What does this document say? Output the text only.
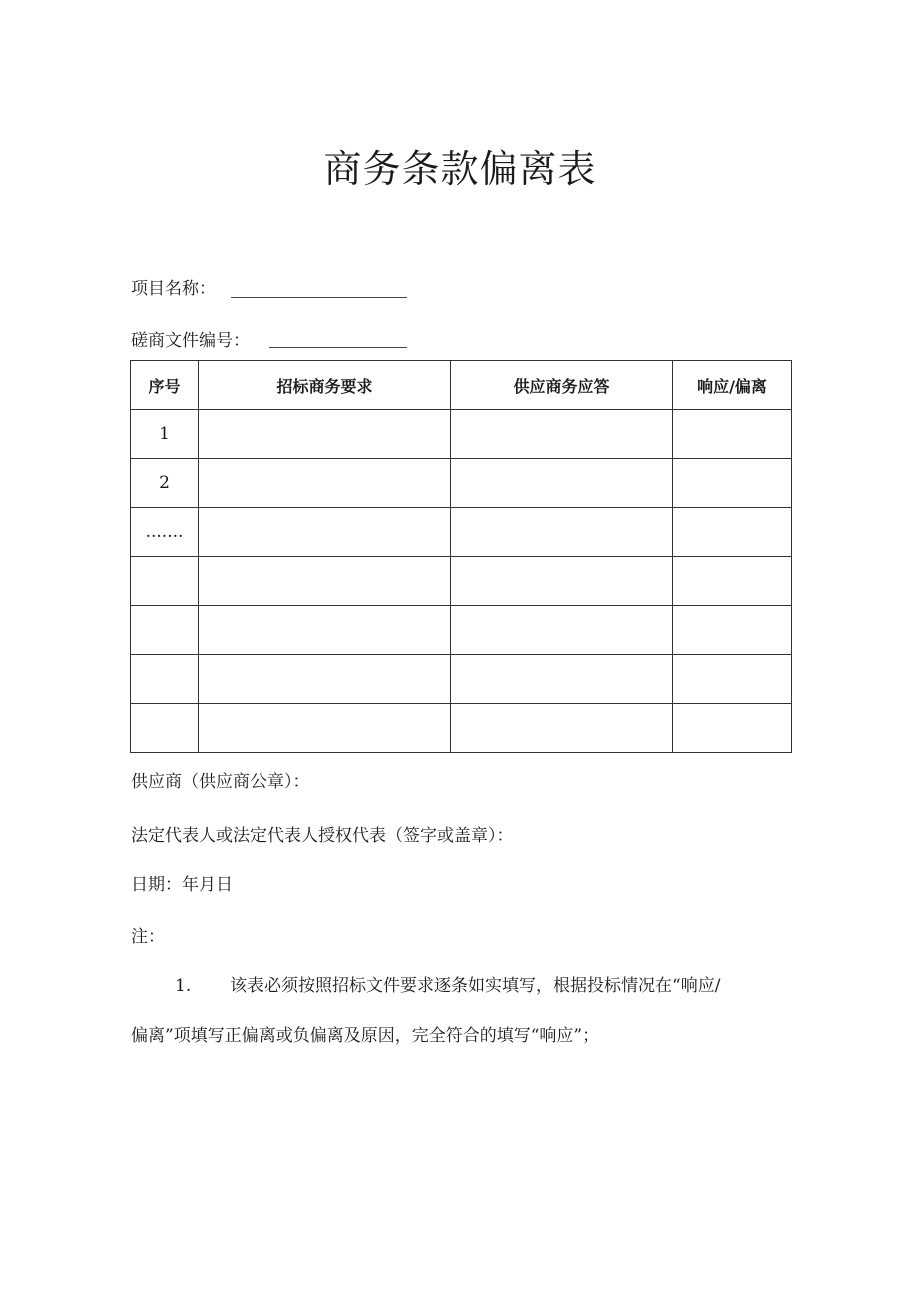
商务条款偏离表
项目名称：
磋商文件编号：
序号	招标商务要求	供应商务应答	响应/偏离
1			
2			
.......			

供应商（供应商公章）：
法定代表人或法定代表人授权代表（签字或盖章）：
日期：年月日
注：
1. 该表必须按照招标文件要求逐条如实填写，根据投标情况在“响应/
偏离”项填写正偏离或负偏离及原因，完全符合的填写“响应”；
